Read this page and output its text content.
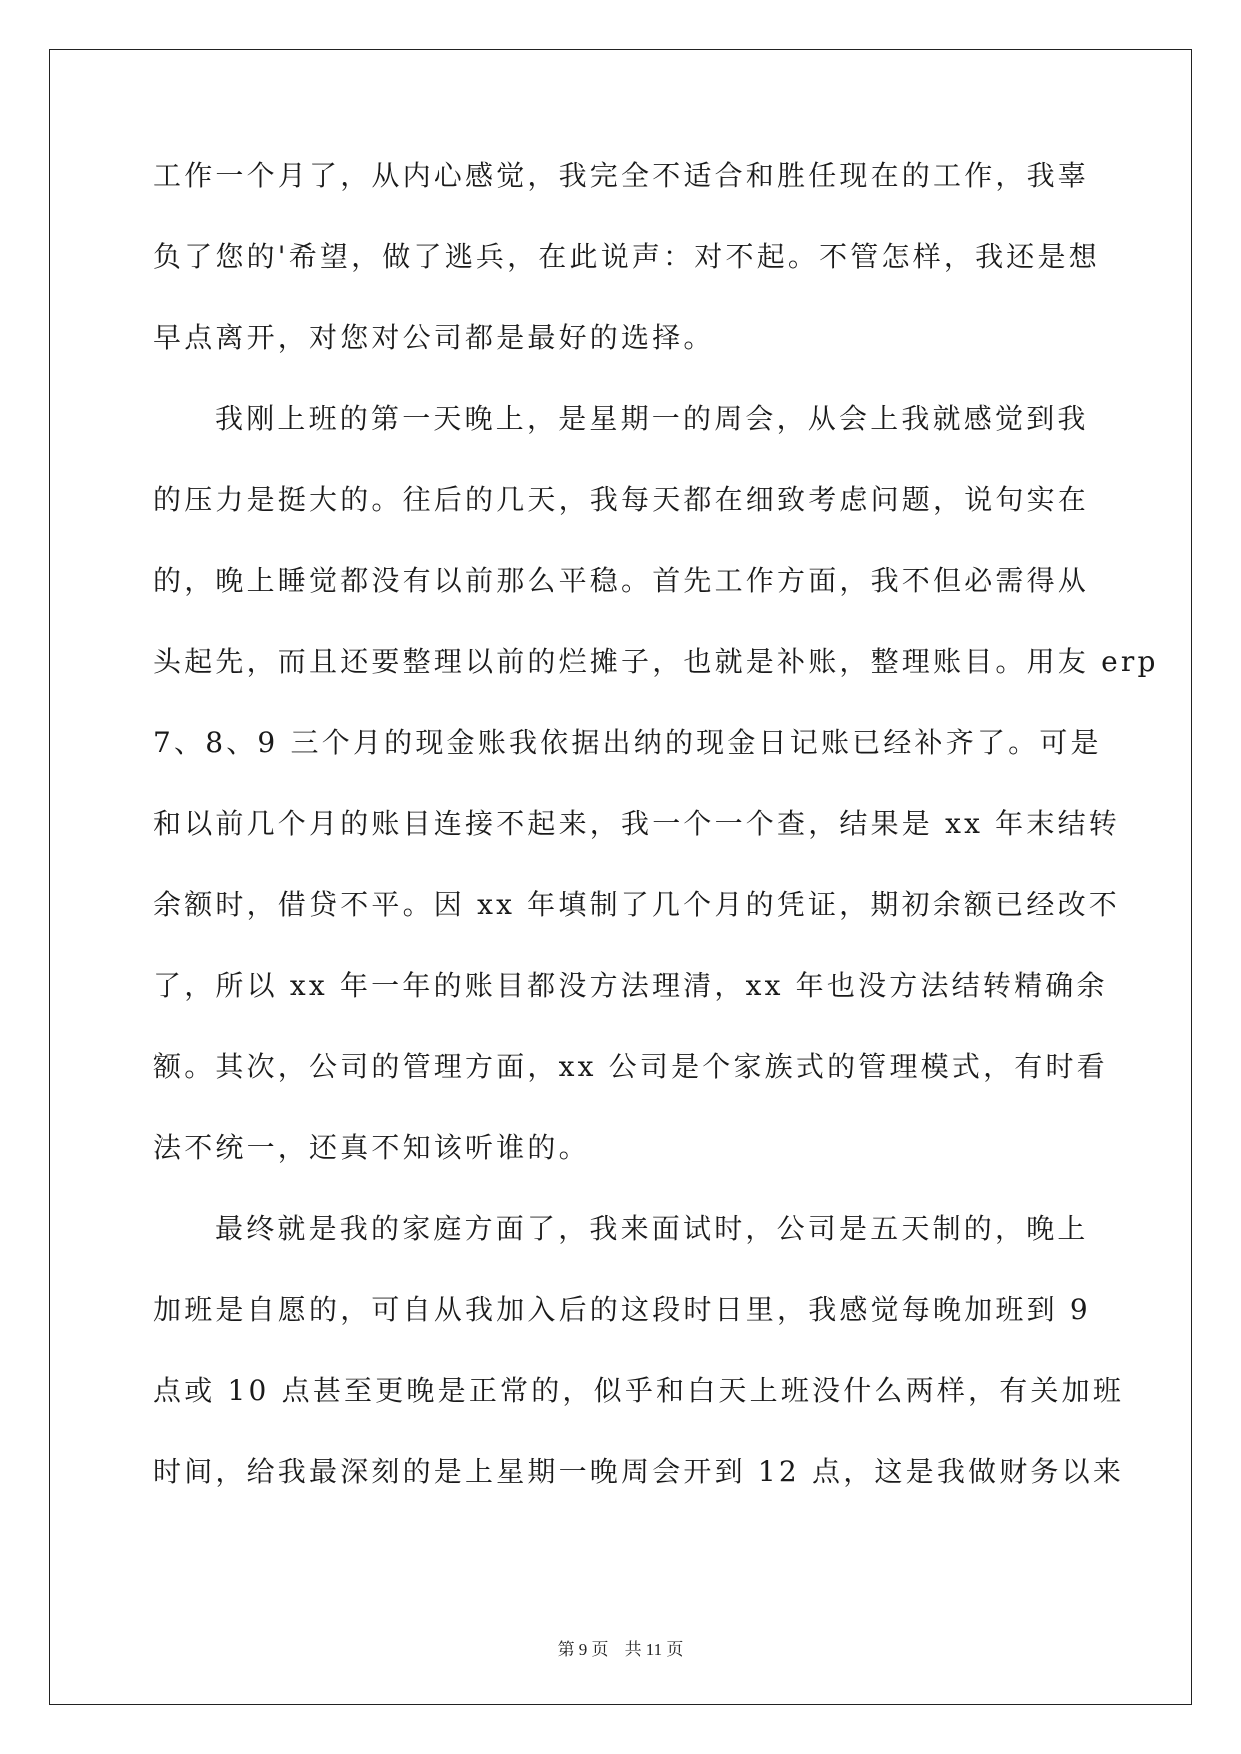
工作一个月了，从内心感觉，我完全不适合和胜任现在的工作，我辜
负了您的'希望，做了逃兵，在此说声：对不起。不管怎样，我还是想
早点离开，对您对公司都是最好的选择。
我刚上班的第一天晚上，是星期一的周会，从会上我就感觉到我
的压力是挺大的。往后的几天，我每天都在细致考虑问题，说句实在
的，晚上睡觉都没有以前那么平稳。首先工作方面，我不但必需得从
头起先，而且还要整理以前的烂摊子，也就是补账，整理账目。用友 erp
7、8、9 三个月的现金账我依据出纳的现金日记账已经补齐了。可是
和以前几个月的账目连接不起来，我一个一个查，结果是 xx 年末结转
余额时，借贷不平。因 xx 年填制了几个月的凭证，期初余额已经改不
了，所以 xx 年一年的账目都没方法理清，xx 年也没方法结转精确余
额。其次，公司的管理方面，xx 公司是个家族式的管理模式，有时看
法不统一，还真不知该听谁的。
最终就是我的家庭方面了，我来面试时，公司是五天制的，晚上
加班是自愿的，可自从我加入后的这段时日里，我感觉每晚加班到 9
点或 10 点甚至更晚是正常的，似乎和白天上班没什么两样，有关加班
时间，给我最深刻的是上星期一晚周会开到 12 点，这是我做财务以来
第 9 页 共 11 页
